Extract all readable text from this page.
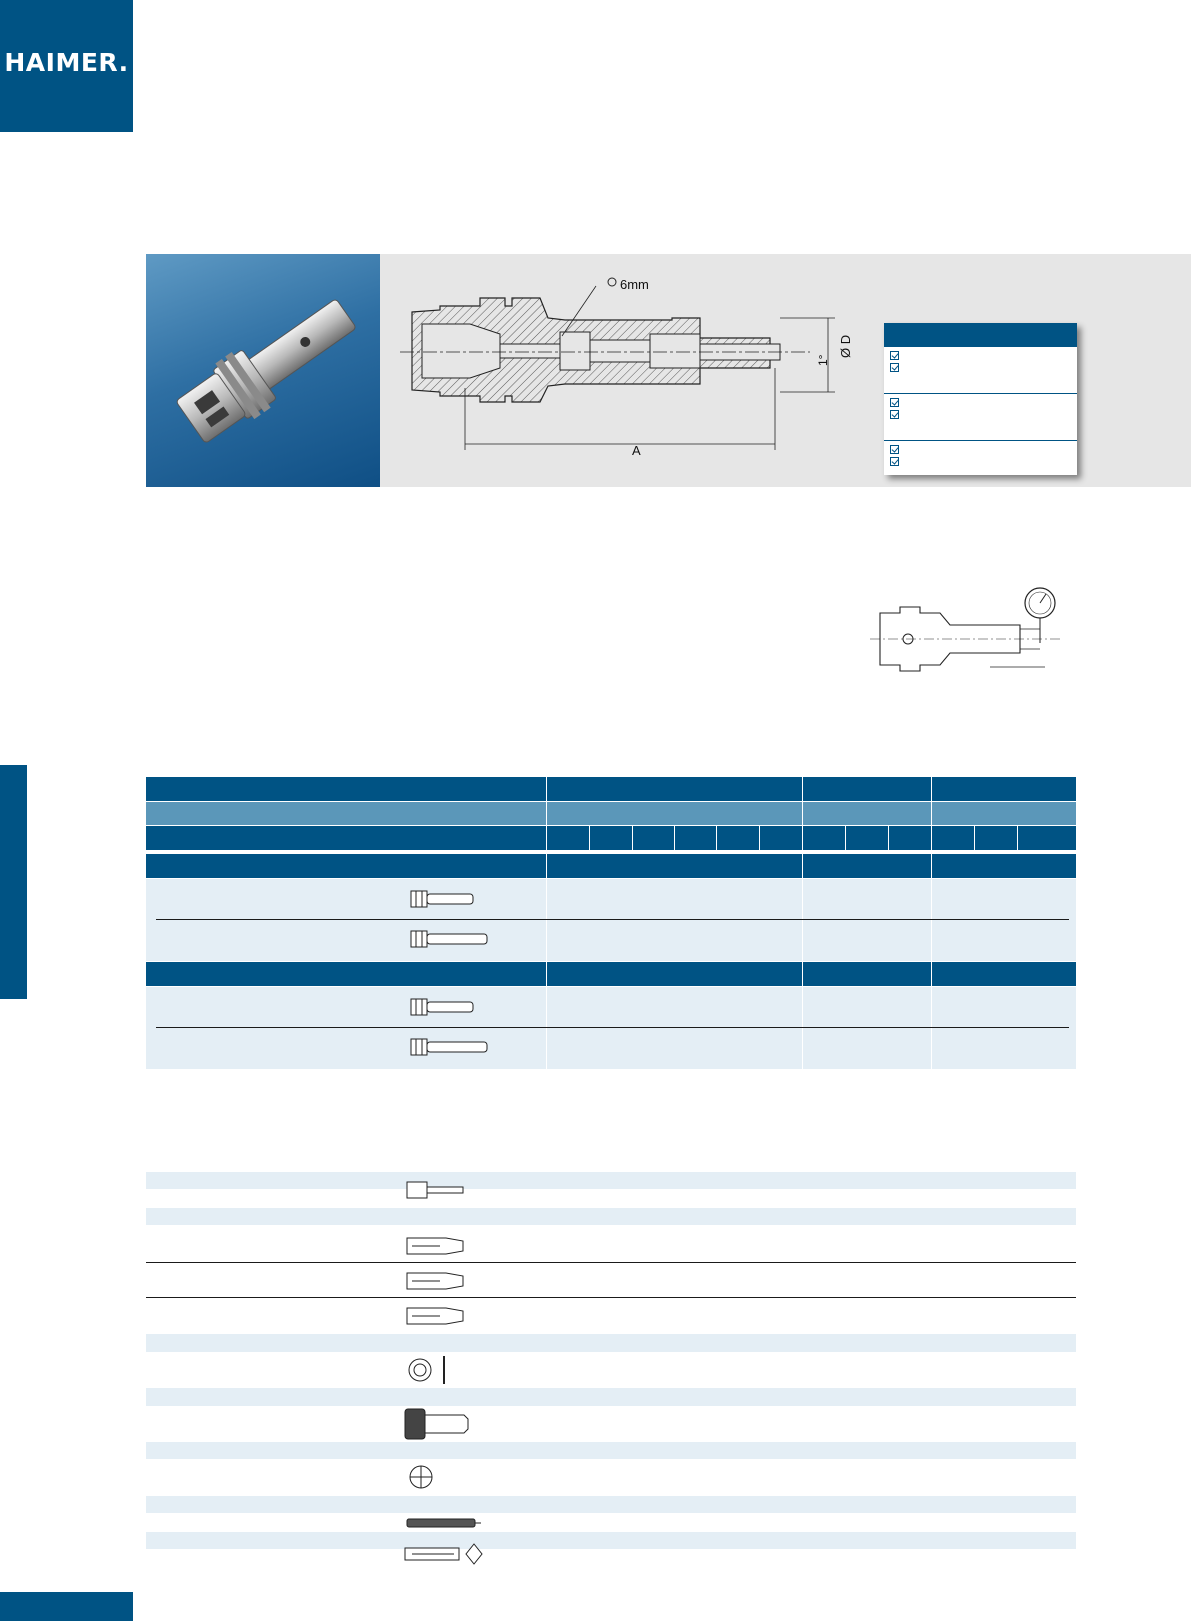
HAIMER.
6mm
A
Ø D
1°
